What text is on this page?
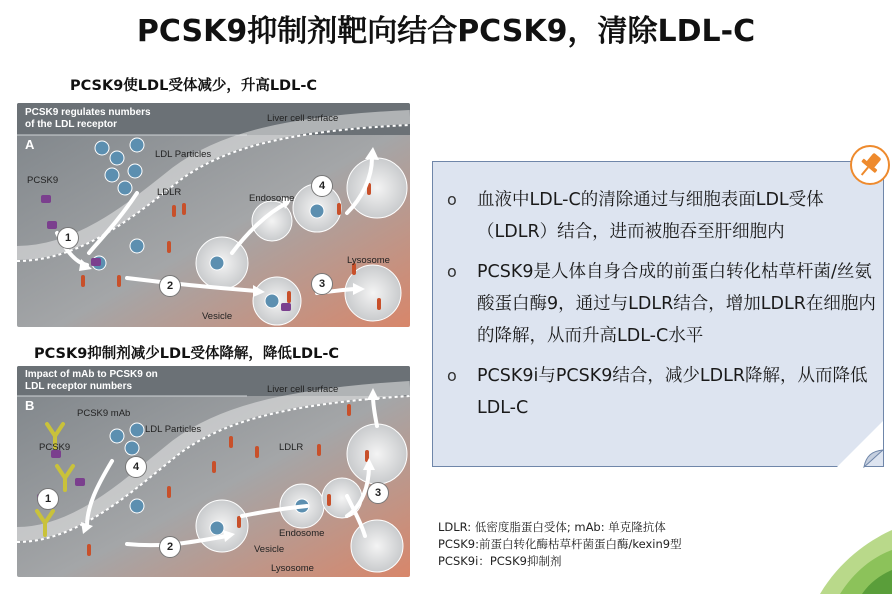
PCSK9抑制剂靶向结合PCSK9，清除LDL-C
PCSK9使LDL受体减少，升高LDL-C
PCSK9 regulates numbers
of the LDL receptor
A
Liver cell surface
LDL Particles
PCSK9
LDLR
Endosome
Lysosome
Vesicle
1
2	3
4
PCSK9抑制剂减少LDL受体降解，降低LDL-C
Impact of mAb to PCSK9 on
LDL receptor numbers
B
Liver cell surface
PCSK9 mAb
LDL Particles
PCSK9	LDLR
Endosome
Vesicle
Lysosome
1
2
3
4
o 血液中LDL-C的清除通过与细胞表面LDL受体（LDLR）结合，进而被胞吞至肝细胞内
o PCSK9是人体自身合成的前蛋白转化枯草杆菌/丝氨酸蛋白酶9，通过与LDLR结合，增加LDLR在细胞内的降解，从而升高LDL-C水平
o PCSK9i与PCSK9结合，减少LDLR降解，从而降低LDL-C
LDLR: 低密度脂蛋白受体; mAb: 单克隆抗体
PCSK9:前蛋白转化酶枯草杆菌蛋白酶/kexin9型
PCSK9i：PCSK9抑制剂
